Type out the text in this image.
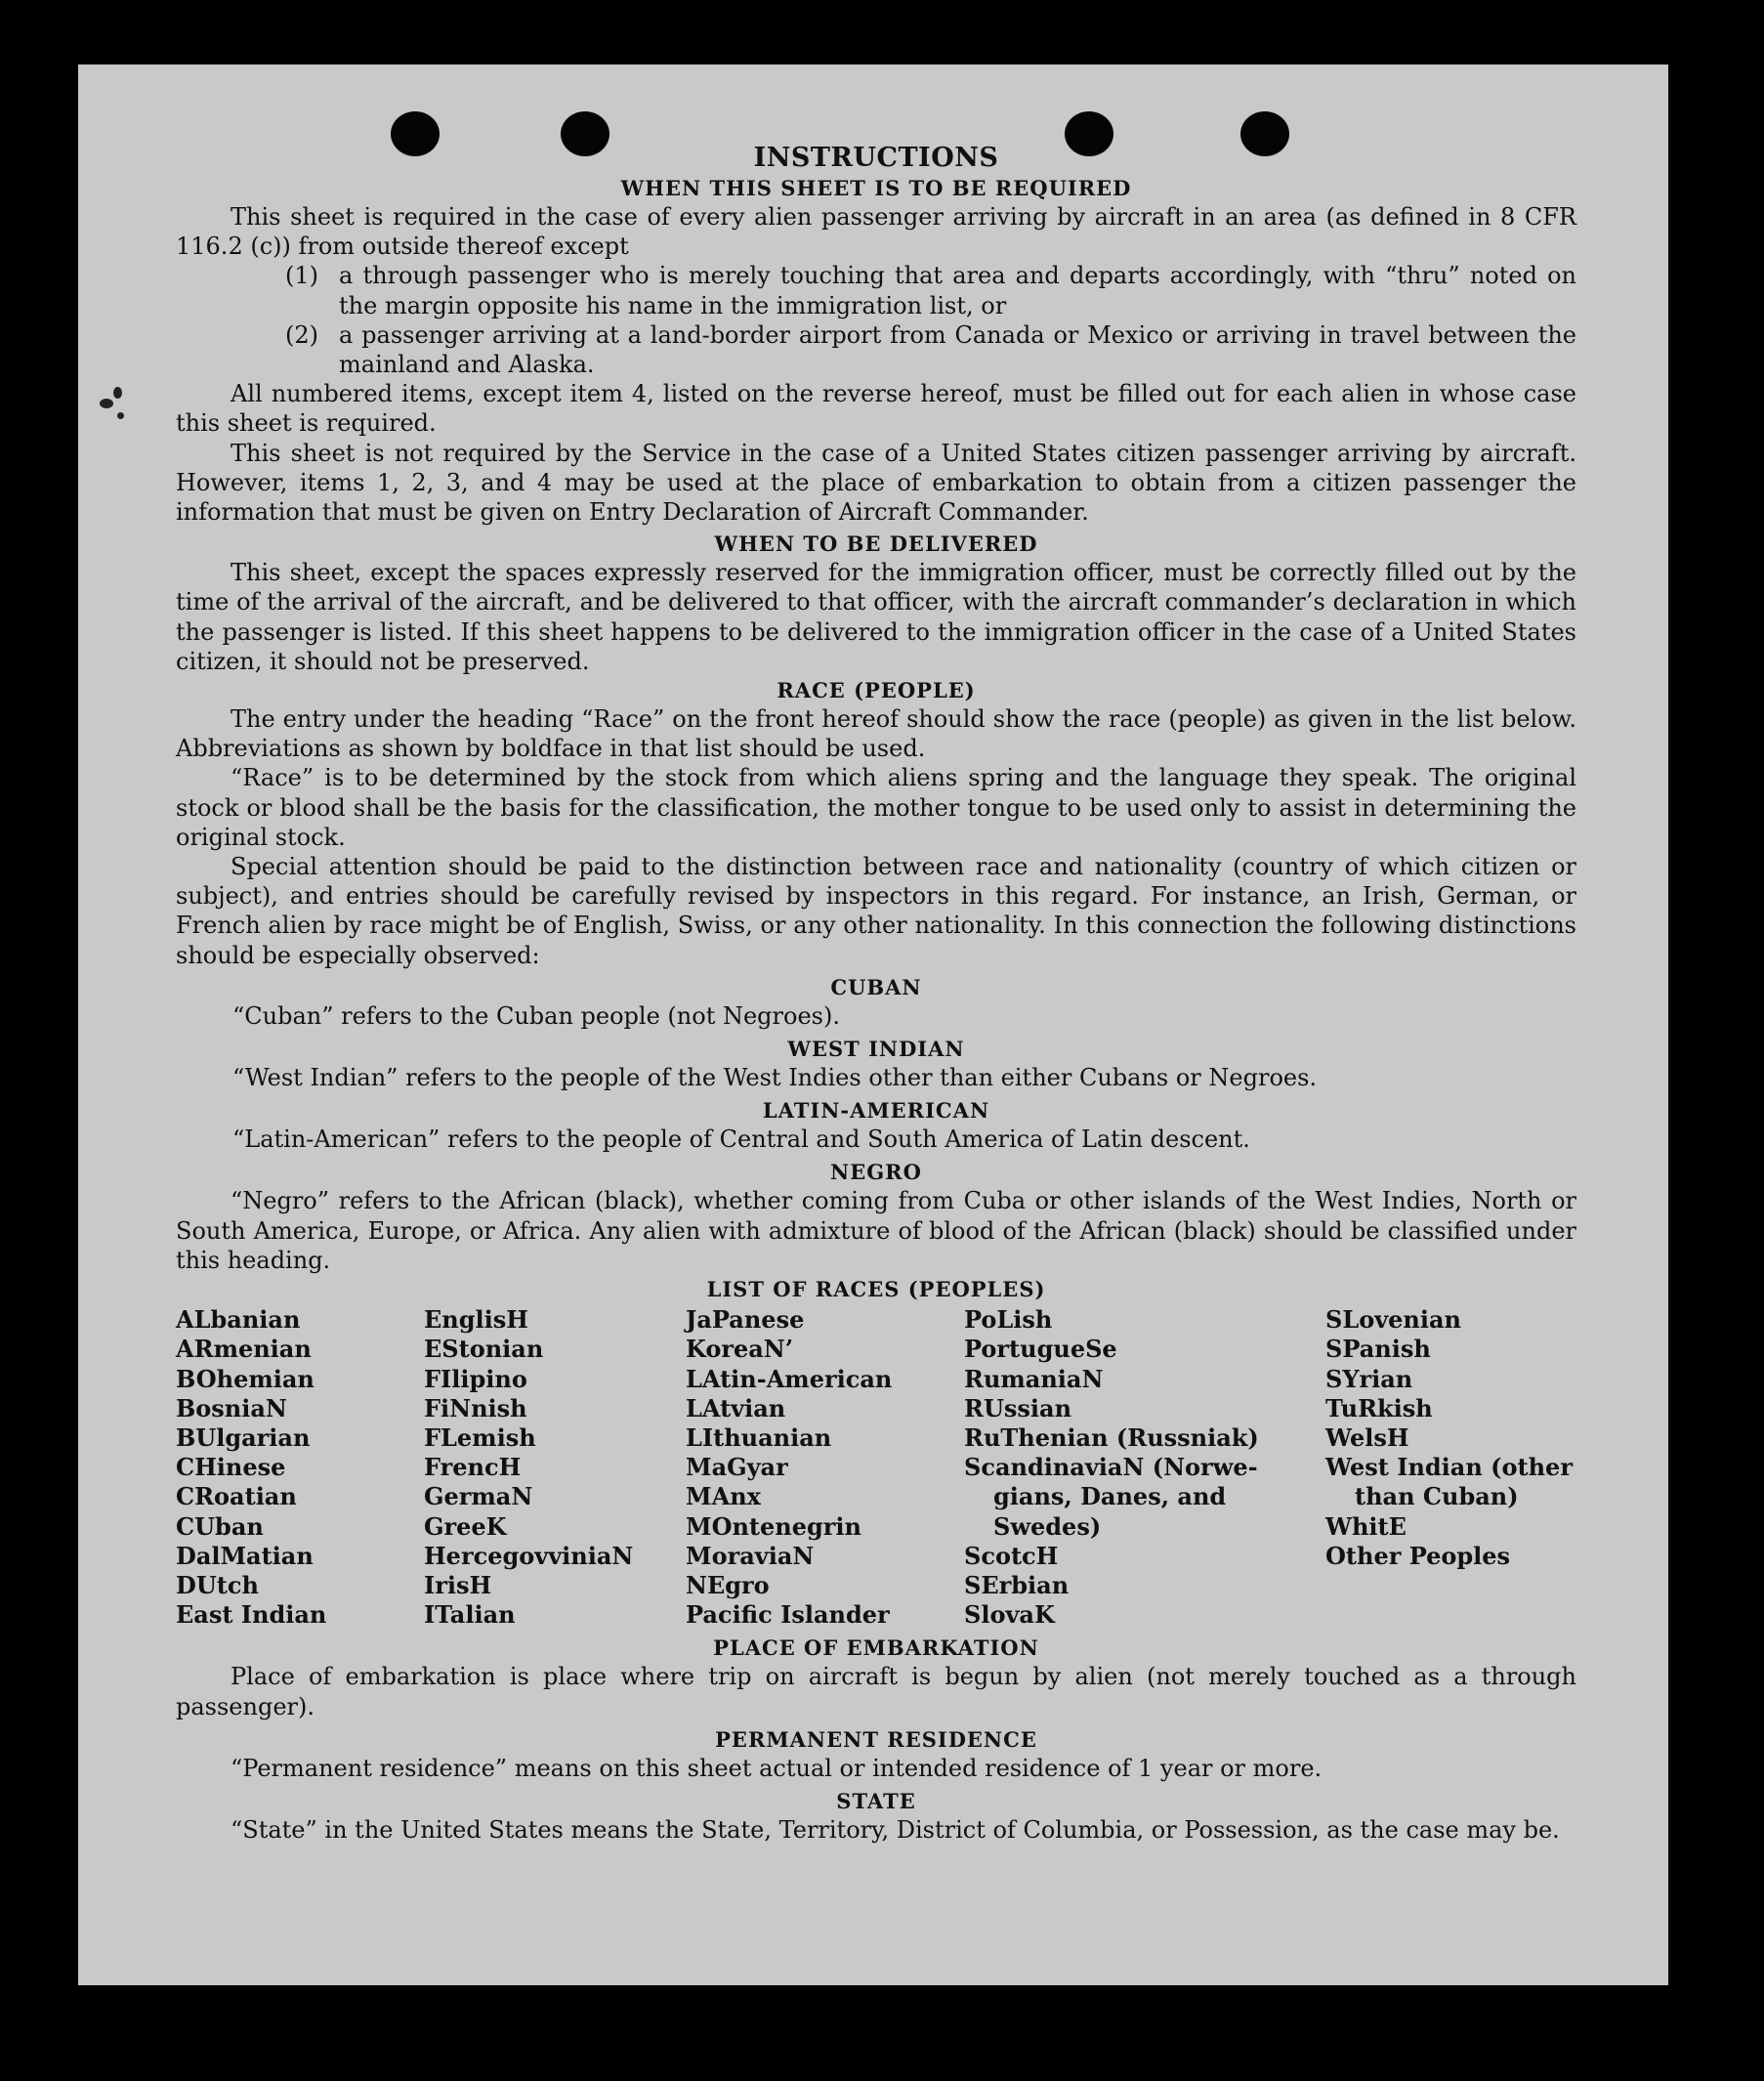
INSTRUCTIONS
WHEN THIS SHEET IS TO BE REQUIRED

This sheet is required in the case of every alien passenger arriving by aircraft in an area (as defined in 8 CFR 116.2 (c)) from outside thereof except

(1) a through passenger who is merely touching that area and departs accordingly, with “thru” noted on the margin opposite his name in the immigration list, or
(2) a passenger arriving at a land-border airport from Canada or Mexico or arriving in travel between the mainland and Alaska.

All numbered items, except item 4, listed on the reverse hereof, must be filled out for each alien in whose case this sheet is required.

This sheet is not required by the Service in the case of a United States citizen passenger arriving by aircraft. However, items 1, 2, 3, and 4 may be used at the place of embarkation to obtain from a citizen passenger the information that must be given on Entry Declaration of Aircraft Commander.

WHEN TO BE DELIVERED

This sheet, except the spaces expressly reserved for the immigration officer, must be correctly filled out by the time of the arrival of the aircraft, and be delivered to that officer, with the aircraft commander’s declaration in which the passenger is listed. If this sheet happens to be delivered to the immigration officer in the case of a United States citizen, it should not be preserved.

RACE (PEOPLE)

The entry under the heading “Race” on the front hereof should show the race (people) as given in the list below. Abbreviations as shown by boldface in that list should be used.

“Race” is to be determined by the stock from which aliens spring and the language they speak. The original stock or blood shall be the basis for the classification, the mother tongue to be used only to assist in determining the original stock.

Special attention should be paid to the distinction between race and nationality (country of which citizen or subject), and entries should be carefully revised by inspectors in this regard. For instance, an Irish, German, or French alien by race might be of English, Swiss, or any other nationality. In this connection the following distinctions should be especially observed:

CUBAN

“Cuban” refers to the Cuban people (not Negroes).

WEST INDIAN

“West Indian” refers to the people of the West Indies other than either Cubans or Negroes.

LATIN-AMERICAN

“Latin-American” refers to the people of Central and South America of Latin descent.

NEGRO

“Negro” refers to the African (black), whether coming from Cuba or other islands of the West Indies, North or South America, Europe, or Africa. Any alien with admixture of blood of the African (black) should be classified under this heading.

LIST OF RACES (PEOPLES)
ALbanian
ARmenian
BOhemian
BosniaN
BUlgarian
CHinese
CRoatian
CUban
DalMatian
DUtch
East Indian
EnglisH
EStonian
FIlipino
FiNnish
FLemish
FrencH
GermaN
GreeK
HercegovviniaN
IrisH
ITalian
JaPanese
KoreaN’
LAtin-American
LAtvian
LIthuanian
MaGyar
MAnx
MOntenegrin
MoraviaN
NEgro
Pacific Islander
PoLish
PortugueSe
RumaniaN
RUssian
RuThenian (Russniak)
ScandinaviaN (Norwe-
gians, Danes, and
Swedes)
ScotcH
SErbian
SlovaK
SLovenian
SPanish
SYrian
TuRkish
WelsH
West Indian (other
than Cuban)
WhitE
Other Peoples
PLACE OF EMBARKATION

Place of embarkation is place where trip on aircraft is begun by alien (not merely touched as a through passenger).

PERMANENT RESIDENCE

“Permanent residence” means on this sheet actual or intended residence of 1 year or more.

STATE

“State” in the United States means the State, Territory, District of Columbia, or Possession, as the case may be.
